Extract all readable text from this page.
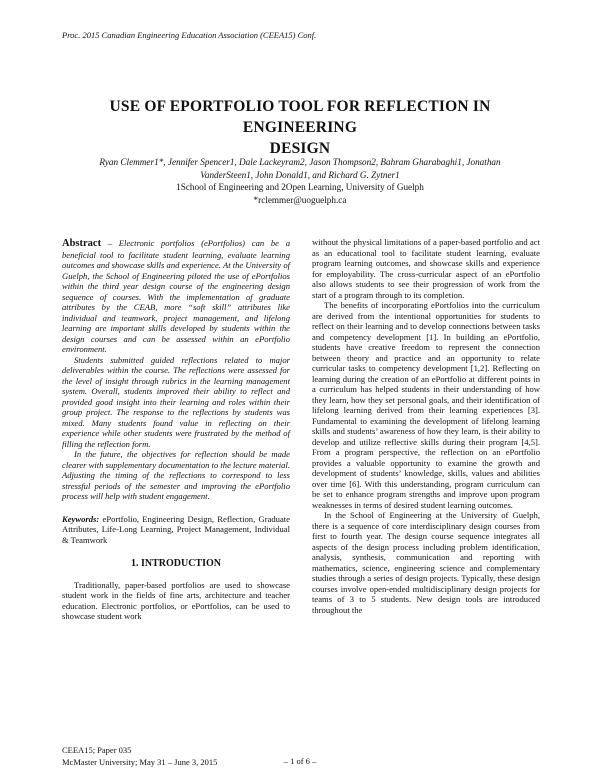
Proc. 2015 Canadian Engineering Education Association (CEEA15) Conf.
USE OF EPORTFOLIO TOOL FOR REFLECTION IN ENGINEERING
DESIGN
Ryan Clemmer1*, Jennifer Spencer1, Dale Lackeyram2, Jason Thompson2, Bahram Gharabaghi1, Jonathan
VanderSteen1, John Donald1, and Richard G. Zytner1
1School of Engineering and 2Open Learning, University of Guelph
*rclemmer@uoguelph.ca

Abstract – Electronic portfolios (ePortfolios) can be a beneficial tool to facilitate student learning, evaluate learning outcomes and showcase skills and experience. At the University of Guelph, the School of Engineering piloted the use of ePortfolios within the third year design course of the engineering design sequence of courses. With the implementation of graduate attributes by the CEAB, more “soft skill” attributes like individual and teamwork, project management, and lifelong learning are important skills developed by students within the design courses and can be assessed within an ePortfolio environment.

Students submitted guided reflections related to major deliverables within the course. The reflections were assessed for the level of insight through rubrics in the learning management system. Overall, students improved their ability to reflect and provided good insight into their learning and roles within their group project. The response to the reflections by students was mixed. Many students found value in reflecting on their experience while other students were frustrated by the method of filling the reflection form.

In the future, the objectives for reflection should be made clearer with supplementary documentation to the lecture material. Adjusting the timing of the reflections to correspond to less stressful periods of the semester and improving the ePortfolio process will help with student engagement.

Keywords: ePortfolio, Engineering Design, Reflection, Graduate Attributes, Life-Long Learning, Project Management, Individual & Teamwork

1. INTRODUCTION

Traditionally, paper-based portfolios are used to showcase student work in the fields of fine arts, architecture and teacher education. Electronic portfolios, or ePortfolios, can be used to showcase student work

without the physical limitations of a paper-based portfolio and act as an educational tool to facilitate student learning, evaluate program learning outcomes, and showcase skills and experience for employability. The cross-curricular aspect of an ePortfolio also allows students to see their progression of work from the start of a program through to its completion.

The benefits of incorporating ePortfolios into the curriculum are derived from the intentional opportunities for students to reflect on their learning and to develop connections between tasks and competency development [1]. In building an ePortfolio, students have creative freedom to represent the connection between theory and practice and an opportunity to relate curricular tasks to competency development [1,2]. Reflecting on learning during the creation of an ePortfolio at different points in a curriculum has helped students in their understanding of how they learn, how they set personal goals, and their identification of lifelong learning derived from their learning experiences [3]. Fundamental to examining the development of lifelong learning skills and students’ awareness of how they learn, is their ability to develop and utilize reflective skills during their program [4,5]. From a program perspective, the reflection on an ePortfolio provides a valuable opportunity to examine the growth and development of students’ knowledge, skills, values and abilities over time [6]. With this understanding, program curriculum can be set to enhance program strengths and improve upon program weaknesses in terms of desired student learning outcomes.

In the School of Engineering at the University of Guelph, there is a sequence of core interdisciplinary design courses from first to fourth year. The design course sequence integrates all aspects of the design process including problem identification, analysis, synthesis, communication and reporting with mathematics, science, engineering science and complementary studies through a series of design projects. Typically, these design courses involve open-ended multidisciplinary design projects for teams of 3 to 5 students. New design tools are introduced throughout the

CEEA15; Paper 035
McMaster University; May 31 – June 3, 2015	– 1 of 6 –
